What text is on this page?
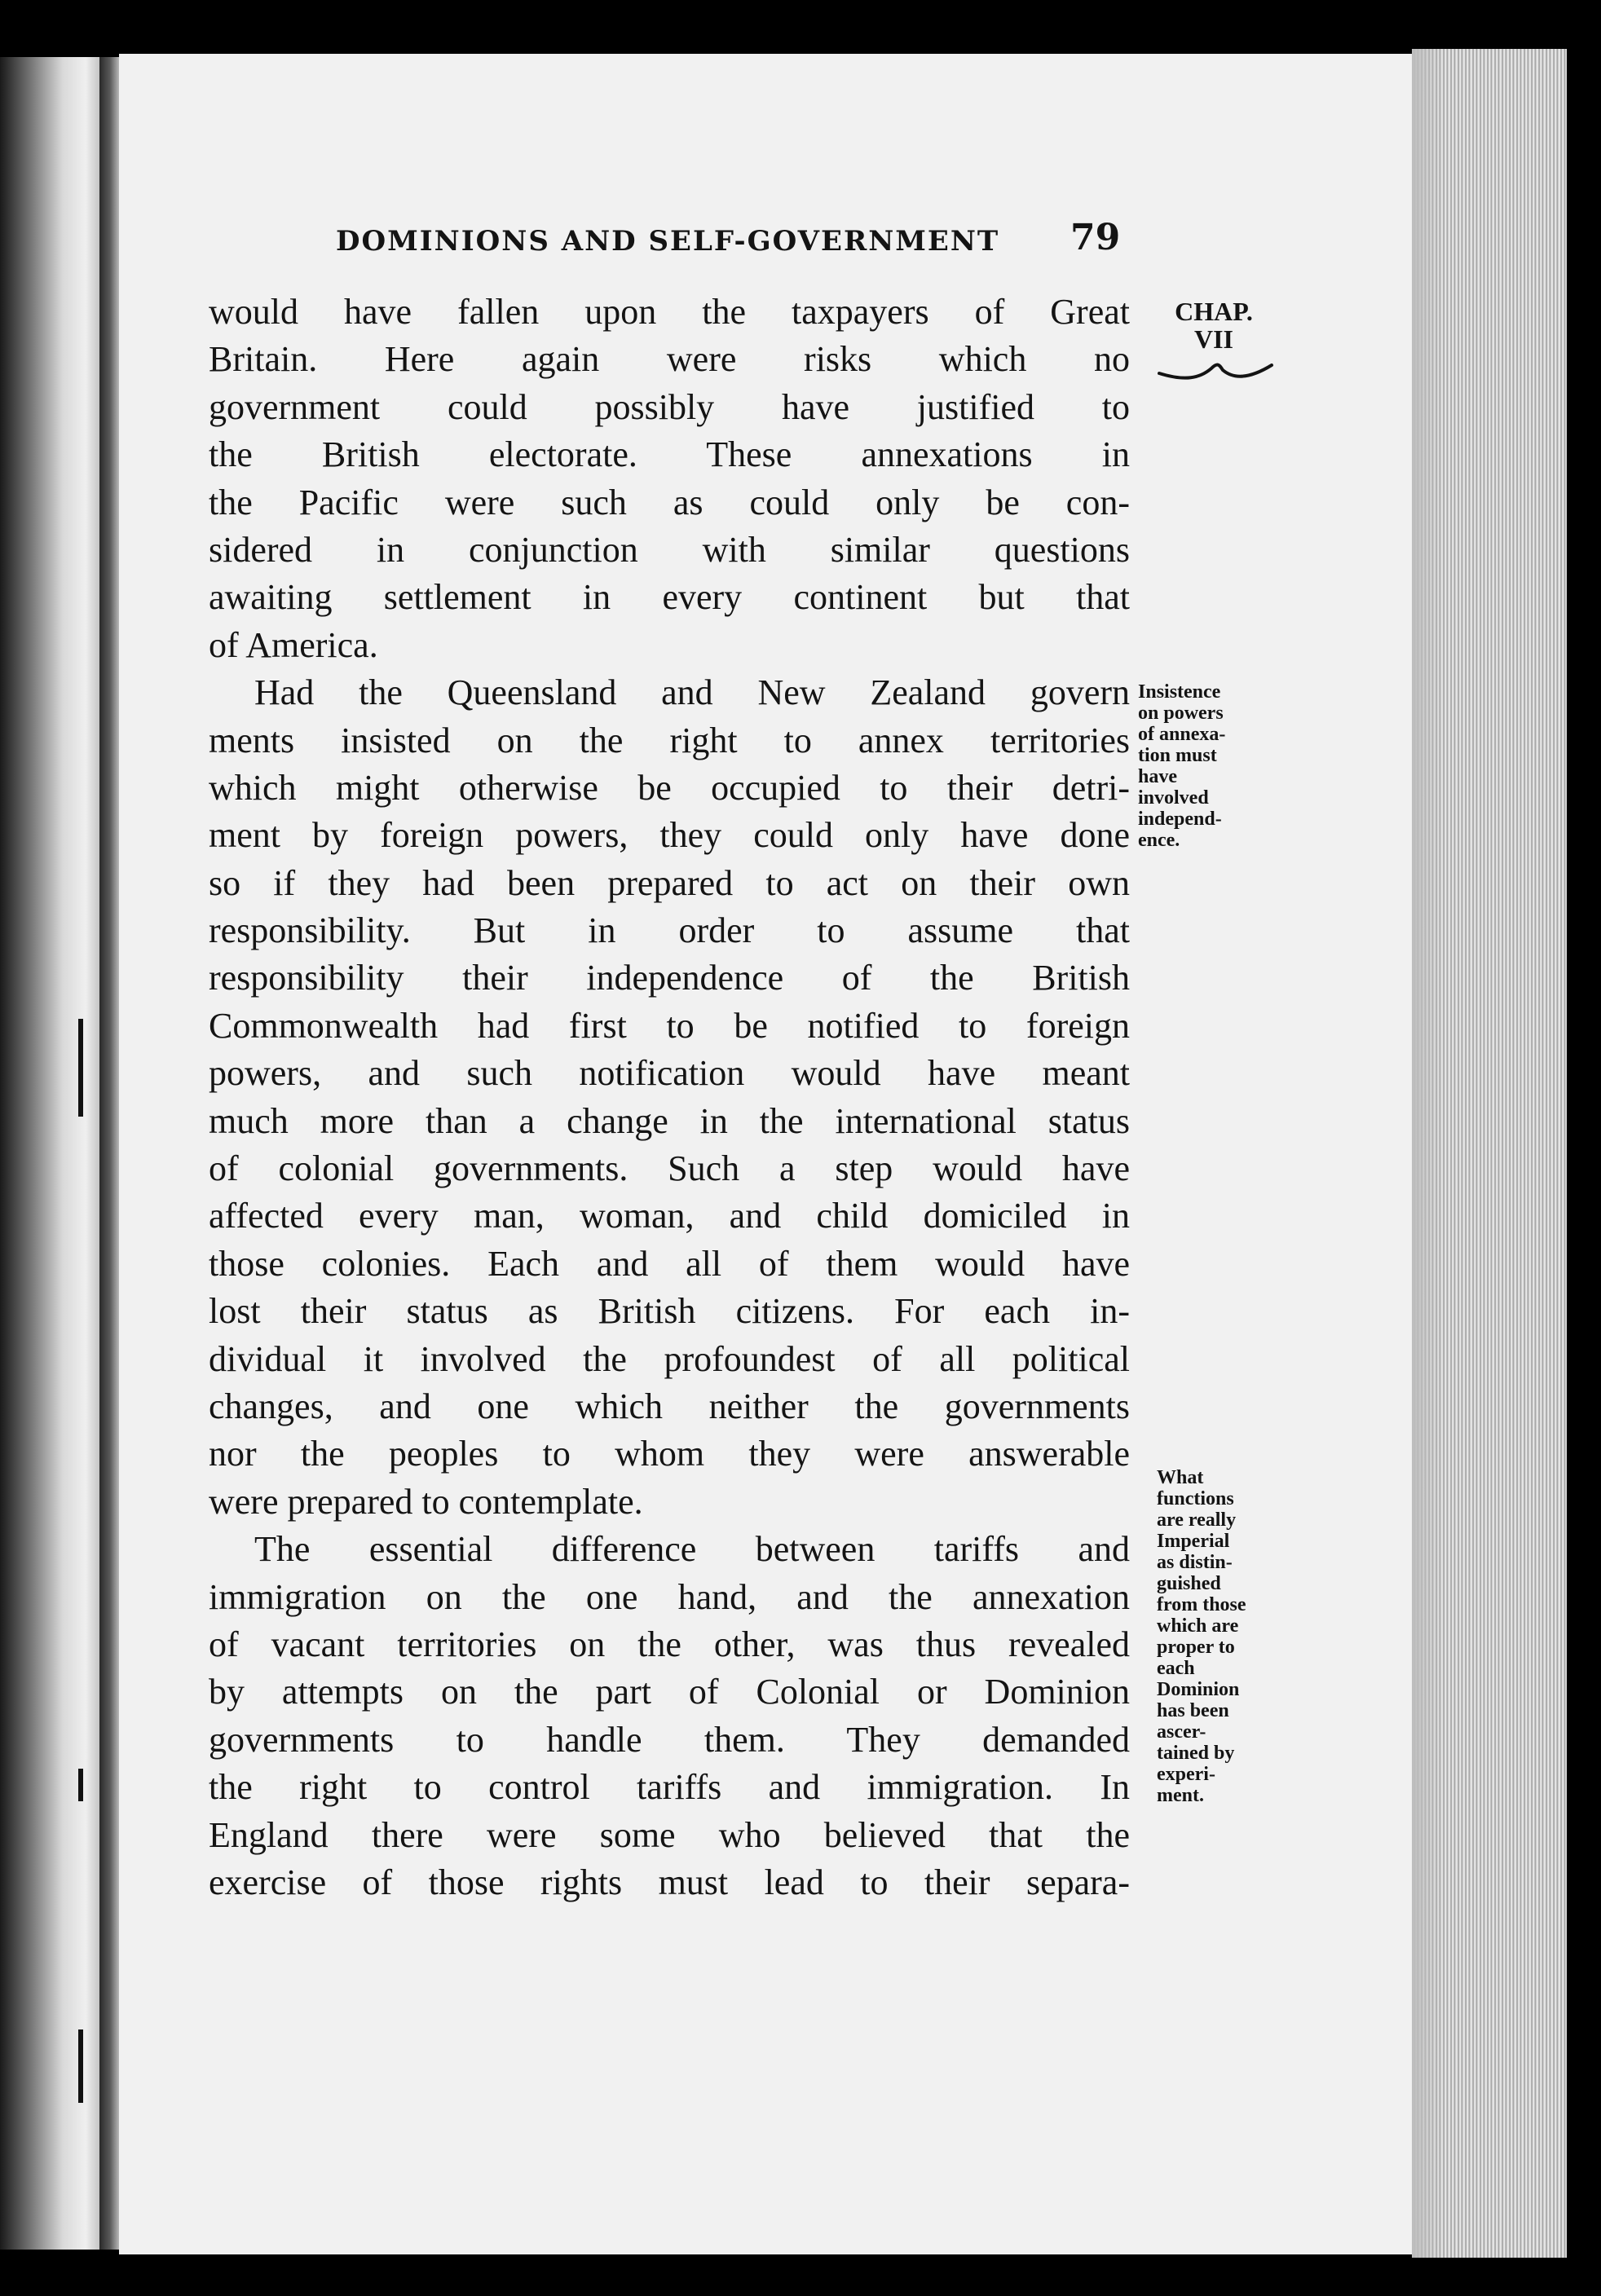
DOMINIONS AND SELF-GOVERNMENT 79
CHAP.
VII
would have fallen upon the taxpayers of Great
Britain. Here again were risks which no
government could possibly have justified to
the British electorate. These annexations in
the Pacific were such as could only be con-
sidered in conjunction with similar questions
awaiting settlement in every continent but that
of America.
Had the Queensland and New Zealand govern
ments insisted on the right to annex territories
which might otherwise be occupied to their detri-
ment by foreign powers, they could only have done
so if they had been prepared to act on their own
responsibility. But in order to assume that
responsibility their independence of the British
Commonwealth had first to be notified to foreign
powers, and such notification would have meant
much more than a change in the international status
of colonial governments. Such a step would have
affected every man, woman, and child domiciled in
those colonies. Each and all of them would have
lost their status as British citizens. For each in-
dividual it involved the profoundest of all political
changes, and one which neither the governments
nor the peoples to whom they were answerable
were prepared to contemplate.
The essential difference between tariffs and
immigration on the one hand, and the annexation
of vacant territories on the other, was thus revealed
by attempts on the part of Colonial or Dominion
governments to handle them. They demanded
the right to control tariffs and immigration. In
England there were some who believed that the
exercise of those rights must lead to their separa-
Insistence
on powers
of annexa-
tion must
have
involved
independ-
ence.
What
functions
are really
Imperial
as distin-
guished
from those
which are
proper to
each
Dominion
has been
ascer-
tained by
experi-
ment.
